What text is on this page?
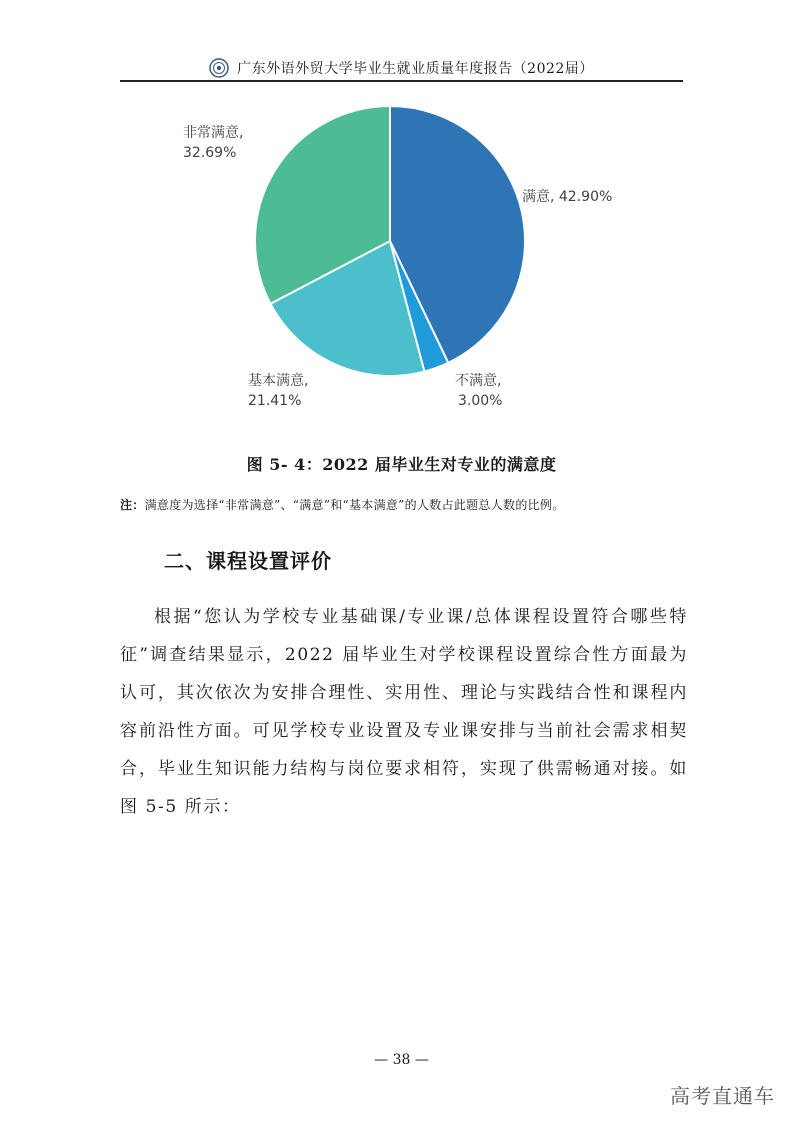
广东外语外贸大学毕业生就业质量年度报告（2022届）
满意, 42.90%
不满意, 3.00%
基本满意, 21.41%
非常满意, 32.69%
图 5- 4：2022 届毕业生对专业的满意度
注：满意度为选择“非常满意”、“满意”和“基本满意”的人数占此题总人数的比例。
二、课程设置评价

根据“您认为学校专业基础课/专业课/总体课程设置符合哪些特征”调查结果显示，2022 届毕业生对学校课程设置综合性方面最为认可，其次依次为安排合理性、实用性、理论与实践结合性和课程内容前沿性方面。可见学校专业设置及专业课安排与当前社会需求相契合，毕业生知识能力结构与岗位要求相符，实现了供需畅通对接。如图 5-5 所示：

— 38 —
高考直通车
